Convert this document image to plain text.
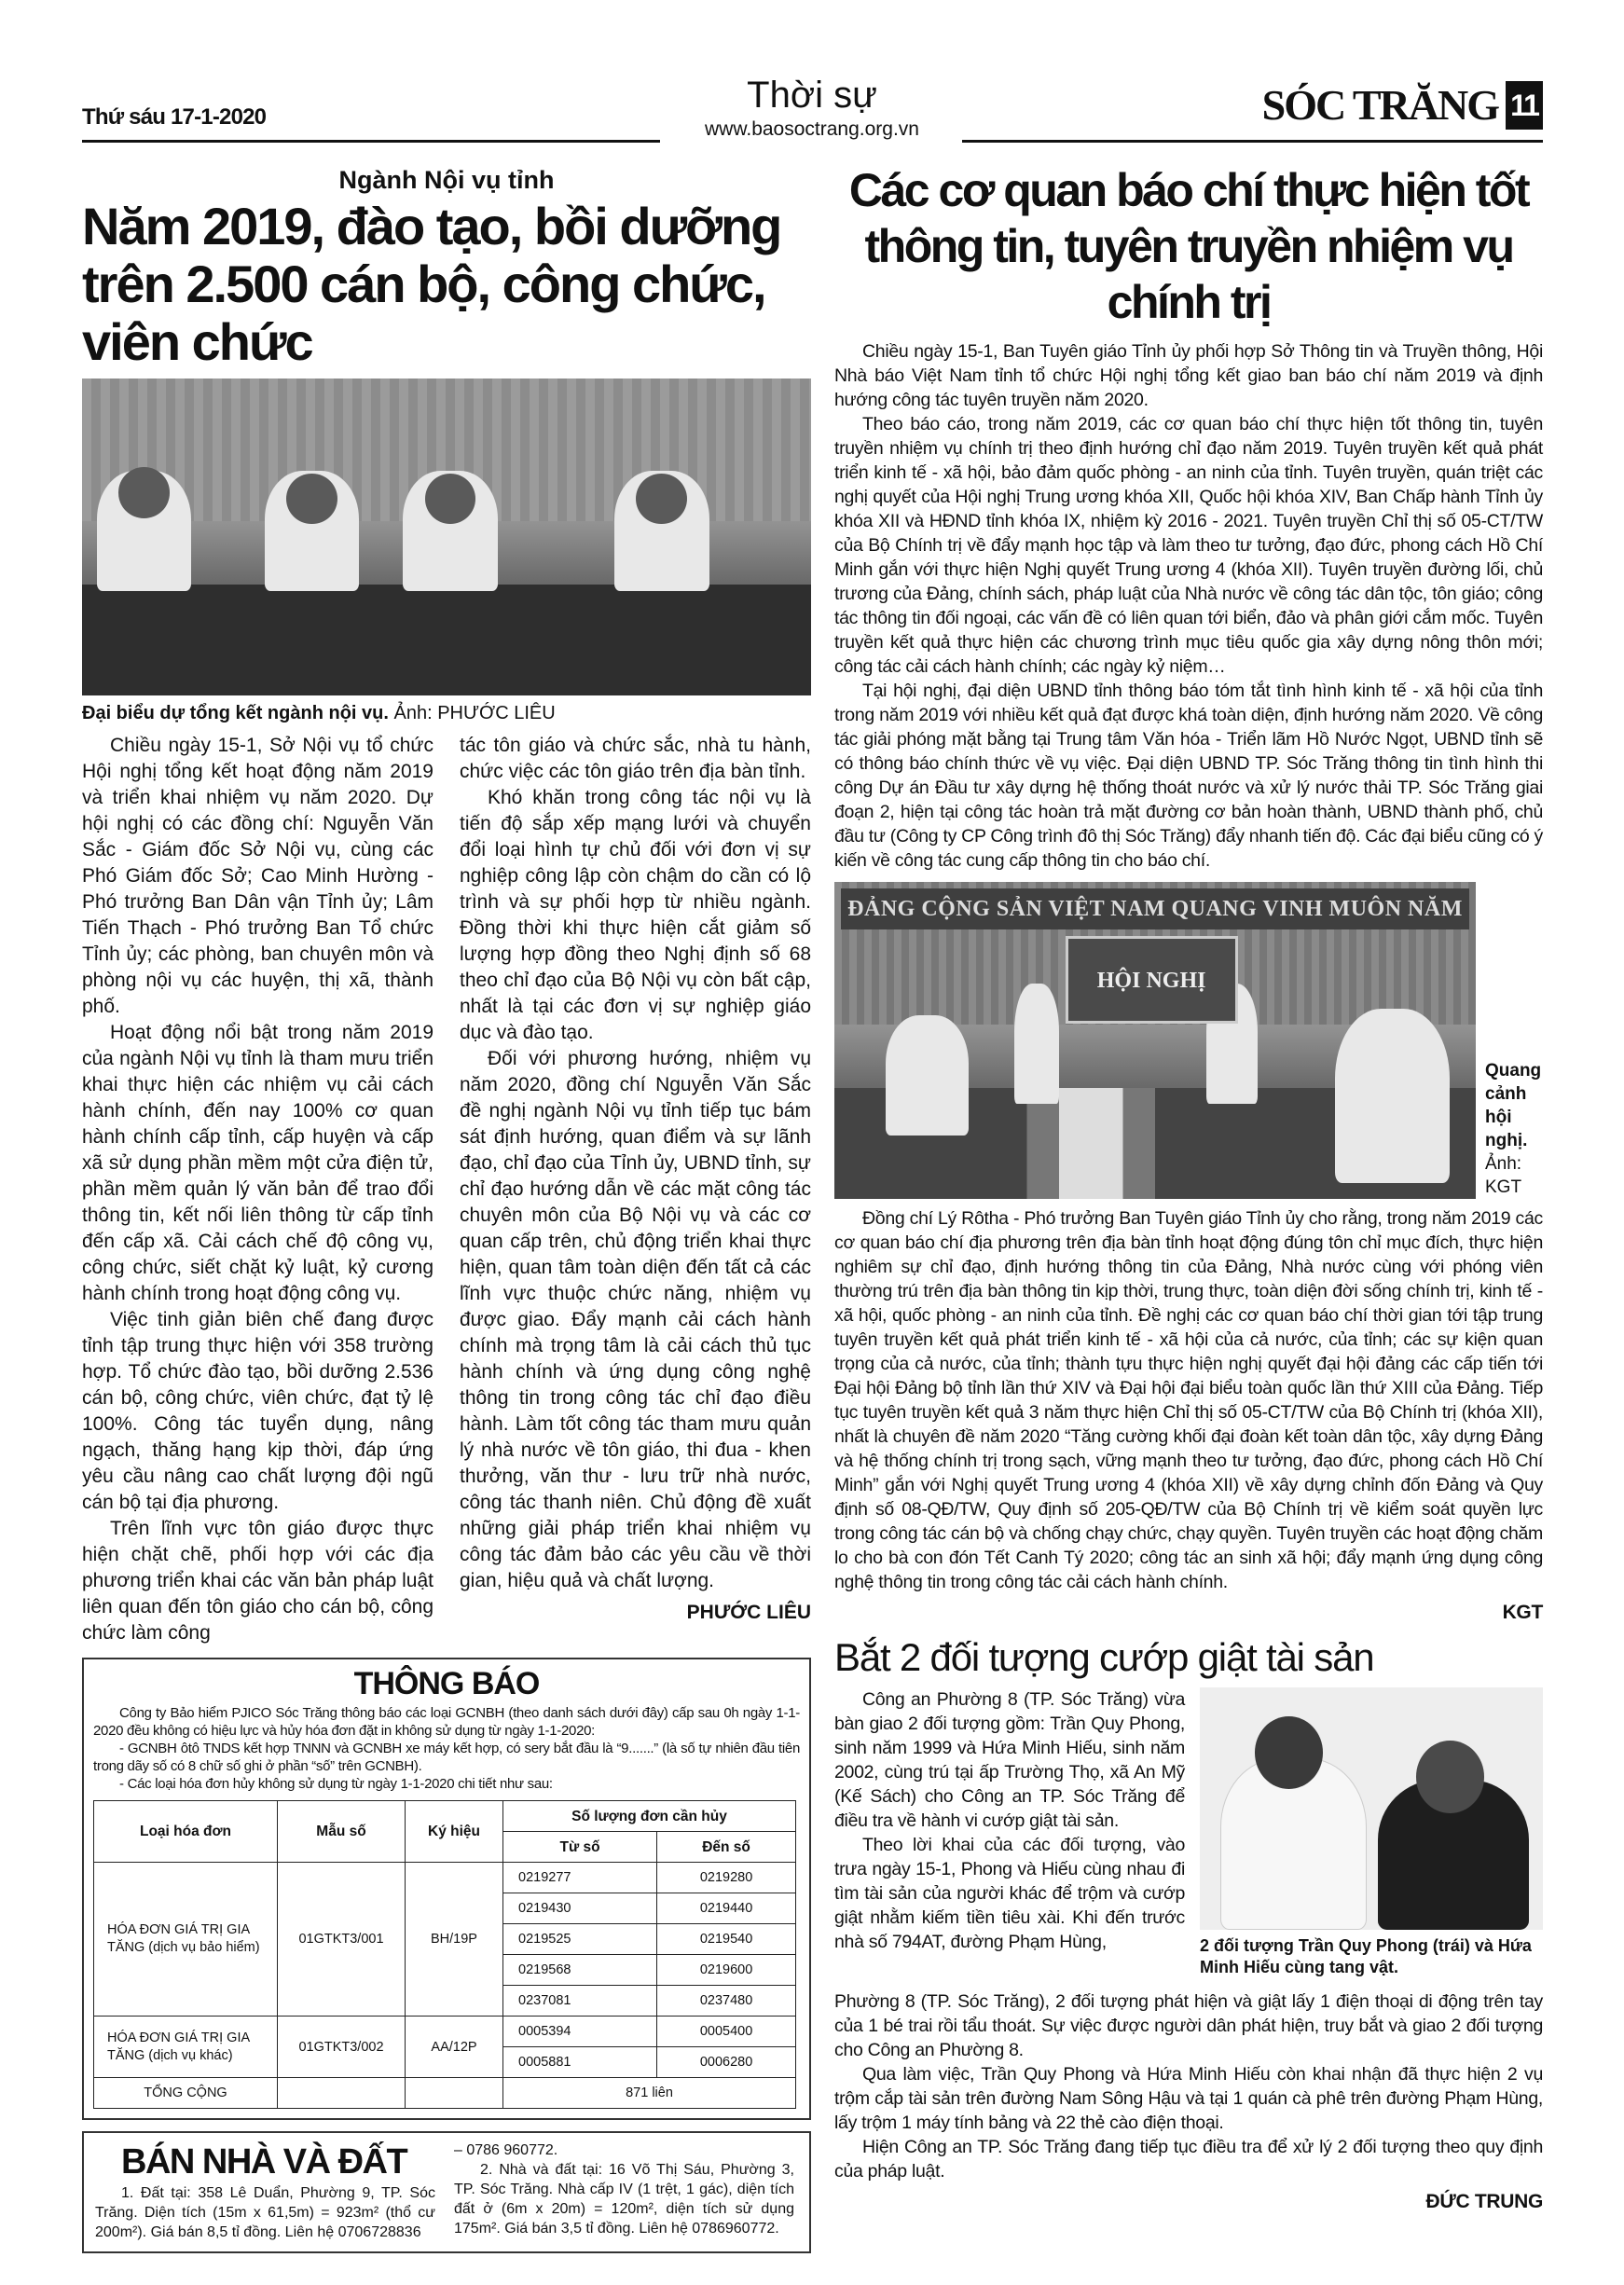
Thứ sáu 17-1-2020
Thời sự
www.baosoctrang.org.vn
SÓC TRĂNG 11
Ngành Nội vụ tỉnh
Năm 2019, đào tạo, bồi dưỡng trên 2.500 cán bộ, công chức, viên chức
Đại biểu dự tổng kết ngành nội vụ. Ảnh: PHƯỚC LIÊU

Chiều ngày 15-1, Sở Nội vụ tổ chức Hội nghị tổng kết hoạt động năm 2019 và triển khai nhiệm vụ năm 2020. Dự hội nghị có các đồng chí: Nguyễn Văn Sắc - Giám đốc Sở Nội vụ, cùng các Phó Giám đốc Sở; Cao Minh Hường - Phó trưởng Ban Dân vận Tỉnh ủy; Lâm Tiến Thạch - Phó trưởng Ban Tổ chức Tỉnh ủy; các phòng, ban chuyên môn và phòng nội vụ các huyện, thị xã, thành phố.

Hoạt động nổi bật trong năm 2019 của ngành Nội vụ tỉnh là tham mưu triển khai thực hiện các nhiệm vụ cải cách hành chính, đến nay 100% cơ quan hành chính cấp tỉnh, cấp huyện và cấp xã sử dụng phần mềm một cửa điện tử, phần mềm quản lý văn bản để trao đổi thông tin, kết nối liên thông từ cấp tỉnh đến cấp xã. Cải cách chế độ công vụ, công chức, siết chặt kỷ luật, kỷ cương hành chính trong hoạt động công vụ.

Việc tinh giản biên chế đang được tỉnh tập trung thực hiện với 358 trường hợp. Tổ chức đào tạo, bồi dưỡng 2.536 cán bộ, công chức, viên chức, đạt tỷ lệ 100%. Công tác tuyển dụng, nâng ngạch, thăng hạng kịp thời, đáp ứng yêu cầu nâng cao chất lượng đội ngũ cán bộ tại địa phương.

Trên lĩnh vực tôn giáo được thực hiện chặt chẽ, phối hợp với các địa phương triển khai các văn bản pháp luật liên quan đến tôn giáo cho cán bộ, công chức làm công

tác tôn giáo và chức sắc, nhà tu hành, chức việc các tôn giáo trên địa bàn tỉnh.

Khó khăn trong công tác nội vụ là tiến độ sắp xếp mạng lưới và chuyển đổi loại hình tự chủ đối với đơn vị sự nghiệp công lập còn chậm do cần có lộ trình và sự phối hợp từ nhiều ngành. Đồng thời khi thực hiện cắt giảm số lượng hợp đồng theo Nghị định số 68 theo chỉ đạo của Bộ Nội vụ còn bất cập, nhất là tại các đơn vị sự nghiệp giáo dục và đào tạo.

Đối với phương hướng, nhiệm vụ năm 2020, đồng chí Nguyễn Văn Sắc đề nghị ngành Nội vụ tỉnh tiếp tục bám sát định hướng, quan điểm và sự lãnh đạo, chỉ đạo của Tỉnh ủy, UBND tỉnh, sự chỉ đạo hướng dẫn về các mặt công tác chuyên môn của Bộ Nội vụ và các cơ quan cấp trên, chủ động triển khai thực hiện, quan tâm toàn diện đến tất cả các lĩnh vực thuộc chức năng, nhiệm vụ được giao. Đẩy mạnh cải cách hành chính mà trọng tâm là cải cách thủ tục hành chính và ứng dụng công nghệ thông tin trong công tác chỉ đạo điều hành. Làm tốt công tác tham mưu quản lý nhà nước về tôn giáo, thi đua - khen thưởng, văn thư - lưu trữ nhà nước, công tác thanh niên. Chủ động đề xuất những giải pháp triển khai nhiệm vụ công tác đảm bảo các yêu cầu về thời gian, hiệu quả và chất lượng.

PHƯỚC LIÊU
THÔNG BÁO

Công ty Bảo hiểm PJICO Sóc Trăng thông báo các loại GCNBH (theo danh sách dưới đây) cấp sau 0h ngày 1-1-2020 đều không có hiệu lực và hủy hóa đơn đặt in không sử dụng từ ngày 1-1-2020:

- GCNBH ôtô TNDS kết hợp TNNN và GCNBH xe máy kết hợp, có sery bắt đầu là “9.......” (là số tự nhiên đầu tiên trong dãy số có 8 chữ số ghi ở phần “số” trên GCNBH).

- Các loại hóa đơn hủy không sử dụng từ ngày 1-1-2020 chi tiết như sau:

Loại hóa đơn	Mẫu số	Ký hiệu	Số lượng đơn cần hủy	
			Từ số	Đến số
HÓA ĐƠN GIÁ TRỊ GIA TĂNG (dịch vụ bảo hiểm)	01GTKT3/001	BH/19P	0219277	0219280
			0219430	0219440
			0219525	0219540
			0219568	0219600
			0237081	0237480
HÓA ĐƠN GIÁ TRỊ GIA TĂNG (dịch vụ khác)	01GTKT3/002	AA/12P	0005394	0005400
			0005881	0006280
TỔNG CỘNG			871 liên	
BÁN NHÀ VÀ ĐẤT

1. Đất tại: 358 Lê Duẩn, Phường 9, TP. Sóc Trăng. Diện tích (15m x 61,5m) = 923m² (thổ cư 200m²). Giá bán 8,5 tỉ đồng. Liên hệ 0706728836

– 0786 960772.

2. Nhà và đất tại: 16 Võ Thị Sáu, Phường 3, TP. Sóc Trăng. Nhà cấp IV (1 trệt, 1 gác), diện tích đất ở (6m x 20m) = 120m², diện tích sử dụng 175m². Giá bán 3,5 tỉ đồng. Liên hệ 0786960772.

Các cơ quan báo chí thực hiện tốt thông tin, tuyên truyền nhiệm vụ chính trị

Chiều ngày 15-1, Ban Tuyên giáo Tỉnh ủy phối hợp Sở Thông tin và Truyền thông, Hội Nhà báo Việt Nam tỉnh tổ chức Hội nghị tổng kết giao ban báo chí năm 2019 và định hướng công tác tuyên truyền năm 2020.

Theo báo cáo, trong năm 2019, các cơ quan báo chí thực hiện tốt thông tin, tuyên truyền nhiệm vụ chính trị theo định hướng chỉ đạo năm 2019. Tuyên truyền kết quả phát triển kinh tế - xã hội, bảo đảm quốc phòng - an ninh của tỉnh. Tuyên truyền, quán triệt các nghị quyết của Hội nghị Trung ương khóa XII, Quốc hội khóa XIV, Ban Chấp hành Tỉnh ủy khóa XII và HĐND tỉnh khóa IX, nhiệm kỳ 2016 - 2021. Tuyên truyền Chỉ thị số 05-CT/TW của Bộ Chính trị về đẩy mạnh học tập và làm theo tư tưởng, đạo đức, phong cách Hồ Chí Minh gắn với thực hiện Nghị quyết Trung ương 4 (khóa XII). Tuyên truyền đường lối, chủ trương của Đảng, chính sách, pháp luật của Nhà nước về công tác dân tộc, tôn giáo; công tác thông tin đối ngoại, các vấn đề có liên quan tới biển, đảo và phân giới cắm mốc. Tuyên truyền kết quả thực hiện các chương trình mục tiêu quốc gia xây dựng nông thôn mới; công tác cải cách hành chính; các ngày kỷ niệm…

Tại hội nghị, đại diện UBND tỉnh thông báo tóm tắt tình hình kinh tế - xã hội của tỉnh trong năm 2019 với nhiều kết quả đạt được khá toàn diện, định hướng năm 2020. Về công tác giải phóng mặt bằng tại Trung tâm Văn hóa - Triển lãm Hồ Nước Ngọt, UBND tỉnh sẽ có thông báo chính thức về vụ việc. Đại diện UBND TP. Sóc Trăng thông tin tình hình thi công Dự án Đầu tư xây dựng hệ thống thoát nước và xử lý nước thải TP. Sóc Trăng giai đoạn 2, hiện tại công tác hoàn trả mặt đường cơ bản hoàn thành, UBND thành phố, chủ đầu tư (Công ty CP Công trình đô thị Sóc Trăng) đẩy nhanh tiến độ. Các đại biểu cũng có ý kiến về công tác cung cấp thông tin cho báo chí.

HỘI NGHỊ
ĐẢNG CỘNG SẢN VIỆT NAM QUANG VINH MUÔN NĂM
Quang cảnh hội nghị.
Ảnh: KGT

Đồng chí Lý Rôtha - Phó trưởng Ban Tuyên giáo Tỉnh ủy cho rằng, trong năm 2019 các cơ quan báo chí địa phương trên địa bàn tỉnh hoạt động đúng tôn chỉ mục đích, thực hiện nghiêm sự chỉ đạo, định hướng thông tin của Đảng, Nhà nước cùng với phóng viên thường trú trên địa bàn thông tin kịp thời, trung thực, toàn diện đời sống chính trị, kinh tế - xã hội, quốc phòng - an ninh của tỉnh. Đề nghị các cơ quan báo chí thời gian tới tập trung tuyên truyền kết quả phát triển kinh tế - xã hội của cả nước, của tỉnh; các sự kiện quan trọng của cả nước, của tỉnh; thành tựu thực hiện nghị quyết đại hội đảng các cấp tiến tới Đại hội Đảng bộ tỉnh lần thứ XIV và Đại hội đại biểu toàn quốc lần thứ XIII của Đảng. Tiếp tục tuyên truyền kết quả 3 năm thực hiện Chỉ thị số 05-CT/TW của Bộ Chính trị (khóa XII), nhất là chuyên đề năm 2020 “Tăng cường khối đại đoàn kết toàn dân tộc, xây dựng Đảng và hệ thống chính trị trong sạch, vững mạnh theo tư tưởng, đạo đức, phong cách Hồ Chí Minh” gắn với Nghị quyết Trung ương 4 (khóa XII) về xây dựng chỉnh đốn Đảng và Quy định số 08-QĐ/TW, Quy định số 205-QĐ/TW của Bộ Chính trị về kiểm soát quyền lực trong công tác cán bộ và chống chạy chức, chạy quyền. Tuyên truyền các hoạt động chăm lo cho bà con đón Tết Canh Tý 2020; công tác an sinh xã hội; đẩy mạnh ứng dụng công nghệ thông tin trong công tác cải cách hành chính.

KGT
Bắt 2 đối tượng cướp giật tài sản

Công an Phường 8 (TP. Sóc Trăng) vừa bàn giao 2 đối tượng gồm: Trần Quy Phong, sinh năm 1999 và Hứa Minh Hiếu, sinh năm 2002, cùng trú tại ấp Trường Thọ, xã An Mỹ (Kế Sách) cho Công an TP. Sóc Trăng để điều tra về hành vi cướp giật tài sản.

Theo lời khai của các đối tượng, vào trưa ngày 15-1, Phong và Hiếu cùng nhau đi tìm tài sản của người khác để trộm và cướp giật nhằm kiếm tiền tiêu xài. Khi đến trước nhà số 794AT, đường Phạm Hùng,	2 đối tượng Trần Quy Phong (trái) và Hứa Minh Hiếu cùng tang vật.

Phường 8 (TP. Sóc Trăng), 2 đối tượng phát hiện và giật lấy 1 điện thoại di động trên tay của 1 bé trai rồi tẩu thoát. Sự việc được người dân phát hiện, truy bắt và giao 2 đối tượng cho Công an Phường 8.

Qua làm việc, Trần Quy Phong và Hứa Minh Hiếu còn khai nhận đã thực hiện 2 vụ trộm cắp tài sản trên đường Nam Sông Hậu và tại 1 quán cà phê trên đường Phạm Hùng, lấy trộm 1 máy tính bảng và 22 thẻ cào điện thoại.

Hiện Công an TP. Sóc Trăng đang tiếp tục điều tra để xử lý 2 đối tượng theo quy định của pháp luật.

ĐỨC TRUNG
